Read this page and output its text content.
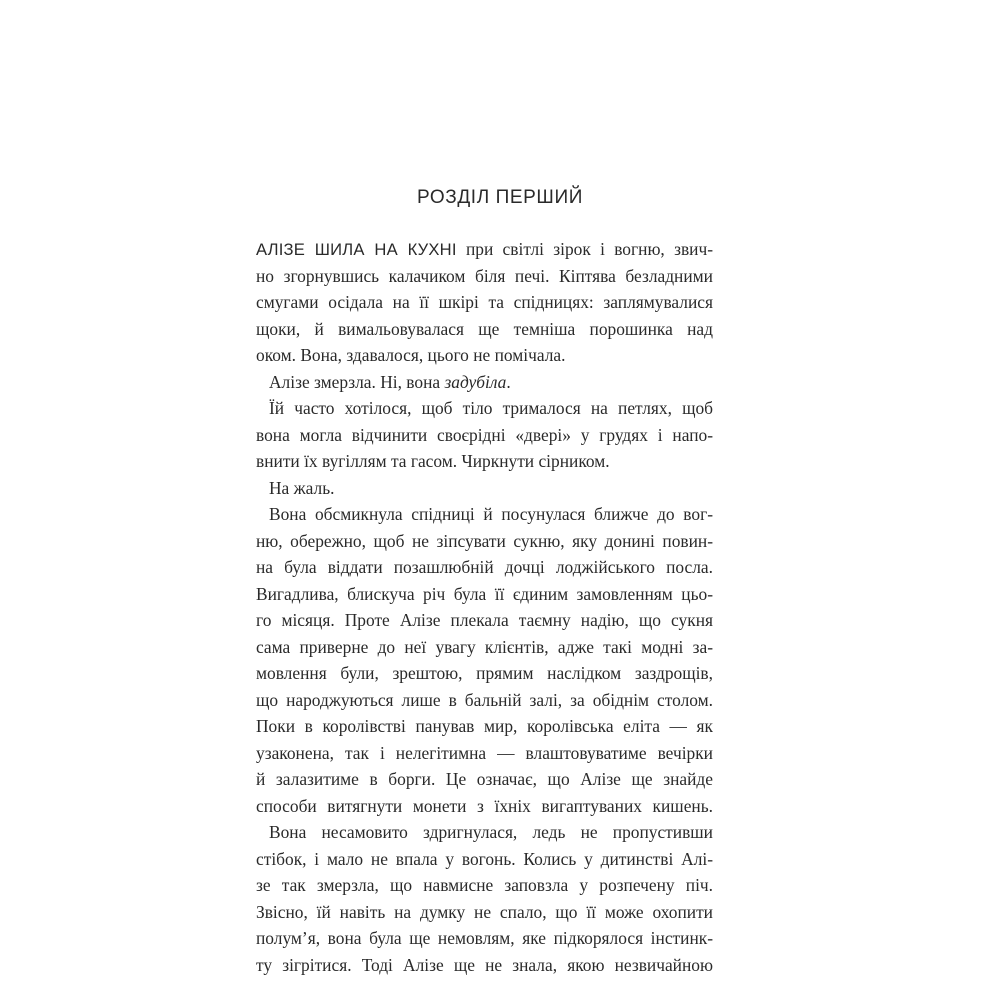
РОЗДІЛ ПЕРШИЙ
АЛІЗЕ ШИЛА НА КУХНІ при світлі зірок і вогню, звич-
но згорнувшись калачиком біля печі. Кіптява безладними
смугами осідала на її шкірі та спідницях: заплямувалися
щоки, й вимальовувалася ще темніша порошинка над
оком. Вона, здавалося, цього не помічала.
Алізе змерзла. Ні, вона задубіла.
Їй часто хотілося, щоб тіло трималося на петлях, щоб
вона могла відчинити своєрідні «двері» у грудях і напо-
внити їх вугіллям та гасом. Чиркнути сірником.
На жаль.
Вона обсмикнула спідниці й посунулася ближче до вог-
ню, обережно, щоб не зіпсувати сукню, яку донині повин-
на була віддати позашлюбній дочці лоджійського посла.
Вигадлива, блискуча річ була її єдиним замовленням цьо-
го місяця. Проте Алізе плекала таємну надію, що сукня
сама приверне до неї увагу клієнтів, адже такі модні за-
мовлення були, зрештою, прямим наслідком заздрощів,
що народжуються лише в бальній залі, за обіднім столом.
Поки в королівстві панував мир, королівська еліта — як
узаконена, так і нелегітимна — влаштовуватиме вечірки
й залазитиме в борги. Це означає, що Алізе ще знайде
способи витягнути монети з їхніх вигаптуваних кишень.
Вона несамовито здригнулася, ледь не пропустивши
стібок, і мало не впала у вогонь. Колись у дитинстві Алі-
зе так змерзла, що навмисне заповзла у розпечену піч.
Звісно, їй навіть на думку не спало, що її може охопити
полум’я, вона була ще немовлям, яке підкорялося інстинк-
ту зігрітися. Тоді Алізе ще не знала, якою незвичайною
